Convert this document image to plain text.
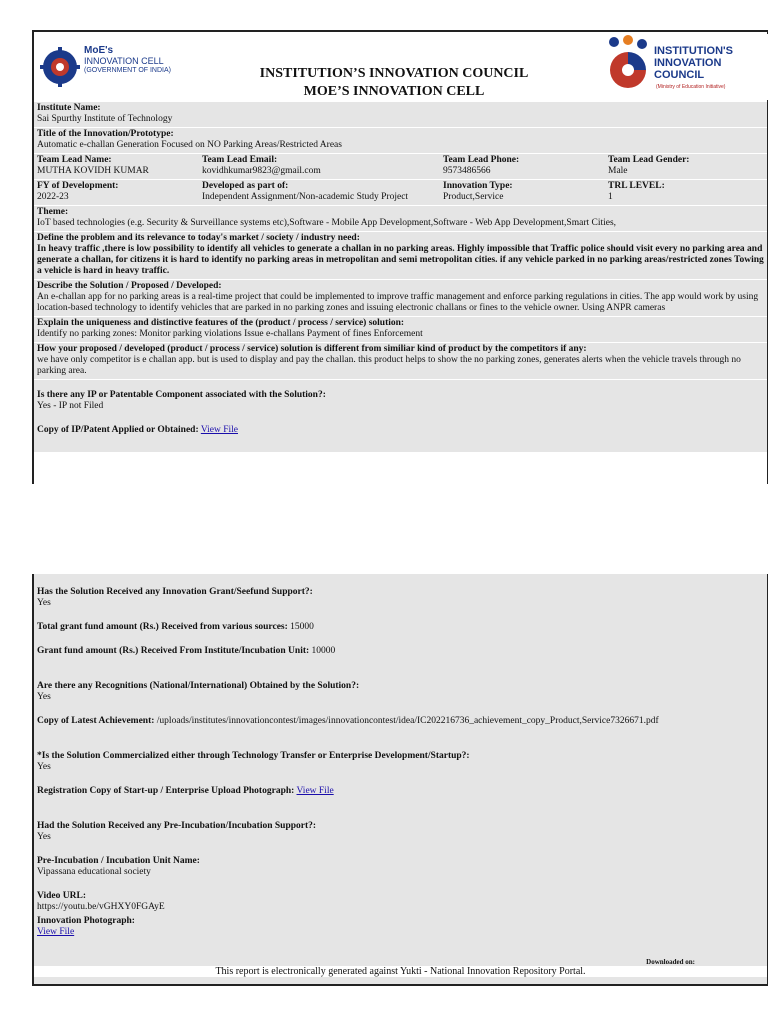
MoE's
INNOVATION CELL
(GOVERNMENT OF INDIA)	INSTITUTION’S INNOVATION COUNCIL
MOE’S INNOVATION CELL
INSTITUTION'S
INNOVATION
COUNCIL
(Ministry of Education Initiative)
Institute Name:
Sai Spurthy Institute of Technology
Title of the Innovation/Prototype:
Automatic e-challan Generation Focused on NO Parking Areas/Restricted Areas
Team Lead Name:
MUTHA KOVIDH KUMAR
Team Lead Email:
kovidhkumar9823@gmail.com
Team Lead Phone:
9573486566
Team Lead Gender:
Male
FY of Development:
2022-23
Developed as part of:
Independent Assignment/Non-academic Study Project
Innovation Type:
Product,Service
TRL LEVEL:
1
Theme:
IoT based technologies (e.g. Security & Surveillance systems etc),Software - Mobile App Development,Software - Web App Development,Smart Cities,
Define the problem and its relevance to today's market / society / industry need:
In heavy traffic ,there is low possibility to identify all vehicles to generate a challan in no parking areas. Highly impossible that Traffic police should visit every no parking area and generate a challan, for citizens it is hard to identify no parking areas in metropolitan and semi metropolitan cities. if any vehicle parked in no parking areas/restricted zones Towing a vehicle is hard in heavy traffic.
Describe the Solution / Proposed / Developed:
An e-challan app for no parking areas is a real-time project that could be implemented to improve traffic management and enforce parking regulations in cities. The app would work by using location-based technology to identify vehicles that are parked in no parking zones and issuing electronic challans or fines to the vehicle owner. Using ANPR cameras
Explain the uniqueness and distinctive features of the (product / process / service) solution:
Identify no parking zones: Monitor parking violations Issue e-challans Payment of fines Enforcement
How your proposed / developed (product / process / service) solution is different from similiar kind of product by the competitors if any:
we have only competitor is e challan app. but is used to display and pay the challan. this product helps to show the no parking zones, generates alerts when the vehicle travels through no parking area.
Is there any IP or Patentable Component associated with the Solution?:
Yes - IP not Filed
Copy of IP/Patent Applied or Obtained: View File
Has the Solution Received any Innovation Grant/Seefund Support?:
Yes
Total grant fund amount (Rs.) Received from various sources: 15000
Grant fund amount (Rs.) Received From Institute/Incubation Unit: 10000
Are there any Recognitions (National/International) Obtained by the Solution?:
Yes
Copy of Latest Achievement: /uploads/institutes/innovationcontest/images/innovationcontest/idea/IC202216736_achievement_copy_Product,Service7326671.pdf
*Is the Solution Commercialized either through Technology Transfer or Enterprise Development/Startup?:
Yes
Registration Copy of Start-up / Enterprise Upload Photograph: View File
Had the Solution Received any Pre-Incubation/Incubation Support?:
Yes
Pre-Incubation / Incubation Unit Name:
Vipassana educational society
Video URL:
https://youtu.be/vGHXY0FGAyE
Innovation Photograph:
View File
Downloaded on:
This report is electronically generated against Yukti - National Innovation Repository Portal.
